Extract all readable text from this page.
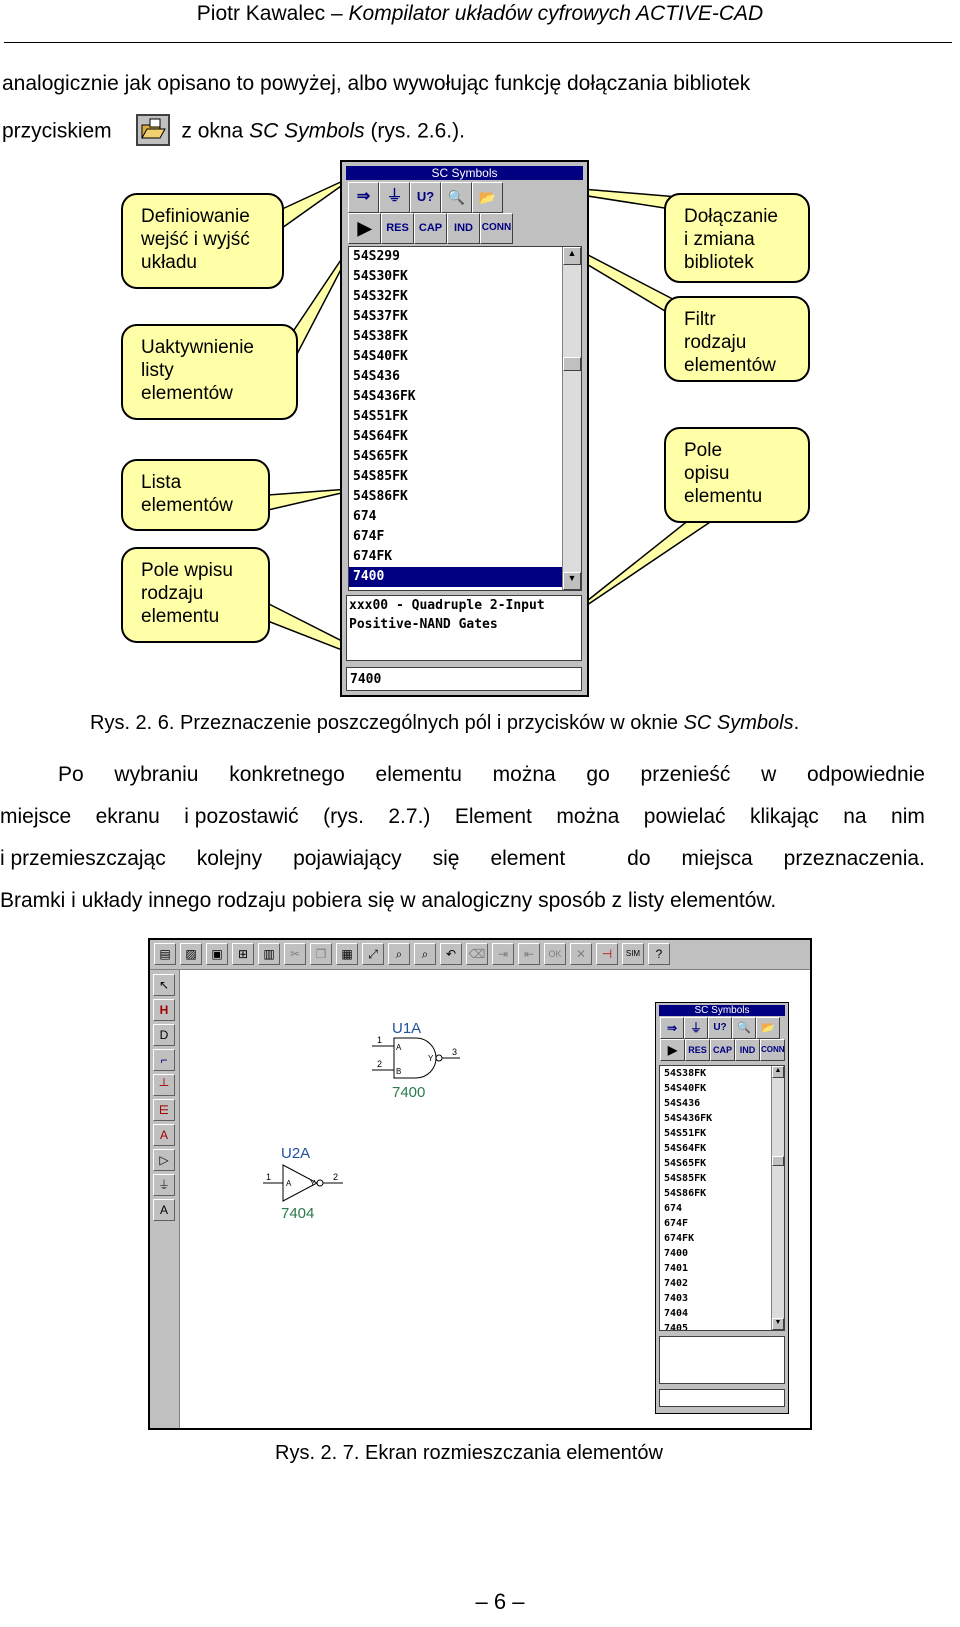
Piotr Kawalec – Kompilator układów cyfrowych ACTIVE-CAD
analogicznie jak opisano to powyżej, albo wywołując funkcję dołączania bibliotek
przyciskiem	z okna SC Symbols (rys. 2.6.).
Definiowanie
wejść i wyjść
układu
Uaktywnienie
listy
elementów
Lista
elementów
Pole wpisu
rodzaju
elementu
Dołączanie
i zmiana
bibliotek
Filtr
rodzaju
elementów
Pole
opisu
elementu
SC Symbols
⇒	⏚	U? 🔍 📂
▶	RES CAP	IND CONN
54S299
54S30FK
54S32FK
54S37FK
54S38FK
54S40FK
54S436
54S436FK
54S51FK
54S64FK
54S65FK
54S85FK
54S86FK
674
674F
674FK
7400
▲
▼
xxx00 - Quadruple 2-Input
Positive-NAND Gates
7400
Rys. 2. 6. Przeznaczenie poszczególnych pól i przycisków w oknie SC Symbols.
Po wybraniu konkretnego elementu można go przenieść w odpowiednie
miejsce ekranu i pozostawić (rys. 2.7.) Element można powielać klikając na nim
i przemieszczając kolejny pojawiający się element	do miejsca przeznaczenia.
Bramki i układy innego rodzaju pobiera się w analogiczny sposób z listy elementów.
▤	▨	▣	⊞	▥	✂	❐	▦	⤢	⌕	⌕	↶	⌫	⇥	⇤	OK	✕	⊣	SIM	?
↖
H
D
⌐
┴
⋿
A
▷
⏚
A
U1A
1
2
3
A
B
Y
7400
U2A
1	2
A Y
7404
SC Symbols
⇒	⏚	U? 🔍 📂
▶	RES CAP IND CONN
54S38FK
54S40FK
54S436
54S436FK
54S51FK
54S64FK
54S65FK
54S85FK
54S86FK
674
674F
674FK
7400
7401
7402
7403
7404
7405
▲
▼
Rys. 2. 7. Ekran rozmieszczania elementów
– 6 –
